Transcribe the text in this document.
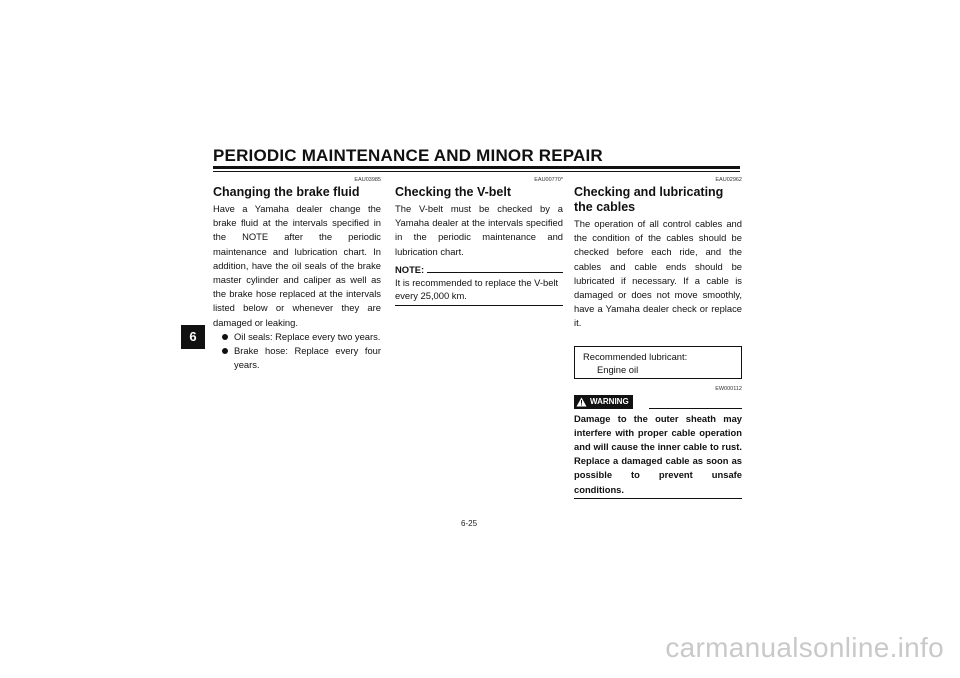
PERIODIC MAINTENANCE AND MINOR REPAIR
6
EAU03985
Changing the brake fluid

Have a Yamaha dealer change the brake fluid at the intervals specified in the NOTE after the periodic maintenance and lubrication chart. In addition, have the oil seals of the brake master cylinder and caliper as well as the brake hose replaced at the intervals listed below or whenever they are damaged or leaking.

Oil seals: Replace every two years.
Brake hose: Replace every four years.
EAU00770*
Checking the V-belt

The V-belt must be checked by a Yamaha dealer at the intervals specified in the periodic maintenance and lubrication chart.

NOTE:
It is recommended to replace the V-belt every 25,000 km.
EAU02962
Checking and lubricating the cables

The operation of all control cables and the condition of the cables should be checked before each ride, and the cables and cable ends should be lubricated if necessary. If a cable is damaged or does not move smoothly, have a Yamaha dealer check or replace it.

Recommended lubricant:
Engine oil
EW000112
WARNING
Damage to the outer sheath may interfere with proper cable operation and will cause the inner cable to rust. Replace a damaged cable as soon as possible to prevent unsafe conditions.
6-25
carmanualsonline.info
